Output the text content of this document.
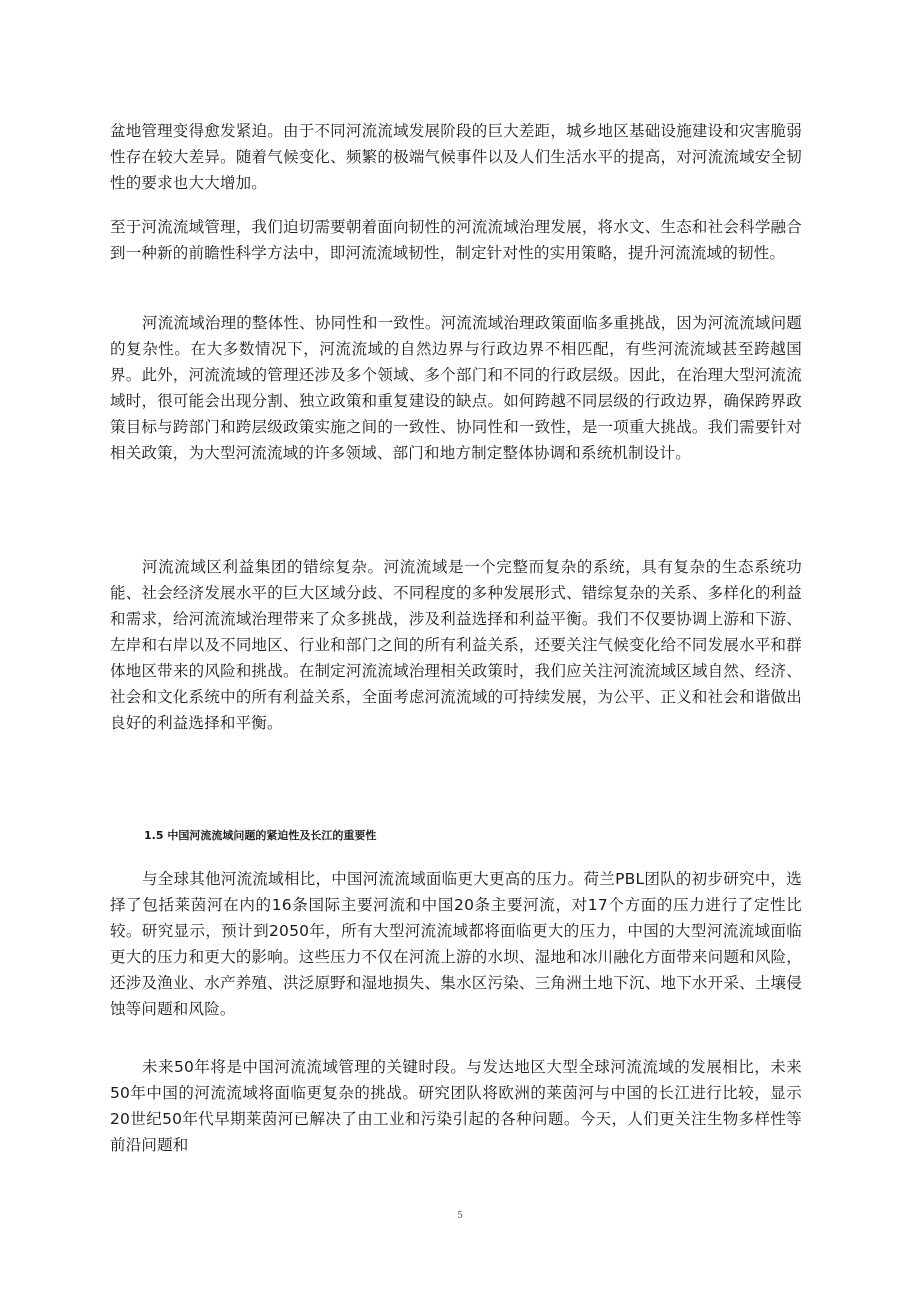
盆地管理变得愈发紧迫。由于不同河流流域发展阶段的巨大差距，城乡地区基础设施建设和灾害脆弱性存在较大差异。随着气候变化、频繁的极端气候事件以及人们生活水平的提高，对河流流域安全韧性的要求也大大增加。

至于河流流域管理，我们迫切需要朝着面向韧性的河流流域治理发展，将水文、生态和社会科学融合到一种新的前瞻性科学方法中，即河流流域韧性，制定针对性的实用策略，提升河流流域的韧性。

河流流域治理的整体性、协同性和一致性。河流流域治理政策面临多重挑战，因为河流流域问题的复杂性。在大多数情况下，河流流域的自然边界与行政边界不相匹配，有些河流流域甚至跨越国界。此外，河流流域的管理还涉及多个领域、多个部门和不同的行政层级。因此，在治理大型河流流域时，很可能会出现分割、独立政策和重复建设的缺点。如何跨越不同层级的行政边界，确保跨界政策目标与跨部门和跨层级政策实施之间的一致性、协同性和一致性，是一项重大挑战。我们需要针对相关政策，为大型河流流域的许多领域、部门和地方制定整体协调和系统机制设计。

河流流域区利益集团的错综复杂。河流流域是一个完整而复杂的系统，具有复杂的生态系统功能、社会经济发展水平的巨大区域分歧、不同程度的多种发展形式、错综复杂的关系、多样化的利益和需求，给河流流域治理带来了众多挑战，涉及利益选择和利益平衡。我们不仅要协调上游和下游、左岸和右岸以及不同地区、行业和部门之间的所有利益关系，还要关注气候变化给不同发展水平和群体地区带来的风险和挑战。在制定河流流域治理相关政策时，我们应关注河流流域区域自然、经济、社会和文化系统中的所有利益关系，全面考虑河流流域的可持续发展，为公平、正义和社会和谐做出良好的利益选择和平衡。

1.5 中国河流流域问题的紧迫性及长江的重要性

与全球其他河流流域相比，中国河流流域面临更大更高的压力。荷兰PBL团队的初步研究中，选择了包括莱茵河在内的16条国际主要河流和中国20条主要河流，对17个方面的压力进行了定性比较。研究显示，预计到2050年，所有大型河流流域都将面临更大的压力，中国的大型河流流域面临更大的压力和更大的影响。这些压力不仅在河流上游的水坝、湿地和冰川融化方面带来问题和风险，还涉及渔业、水产养殖、洪泛原野和湿地损失、集水区污染、三角洲土地下沉、地下水开采、土壤侵蚀等问题和风险。

未来50年将是中国河流流域管理的关键时段。与发达地区大型全球河流流域的发展相比，未来50年中国的河流流域将面临更复杂的挑战。研究团队将欧洲的莱茵河与中国的长江进行比较，显示20世纪50年代早期莱茵河已解决了由工业和污染引起的各种问题。今天，人们更关注生物多样性等前沿问题和

5
